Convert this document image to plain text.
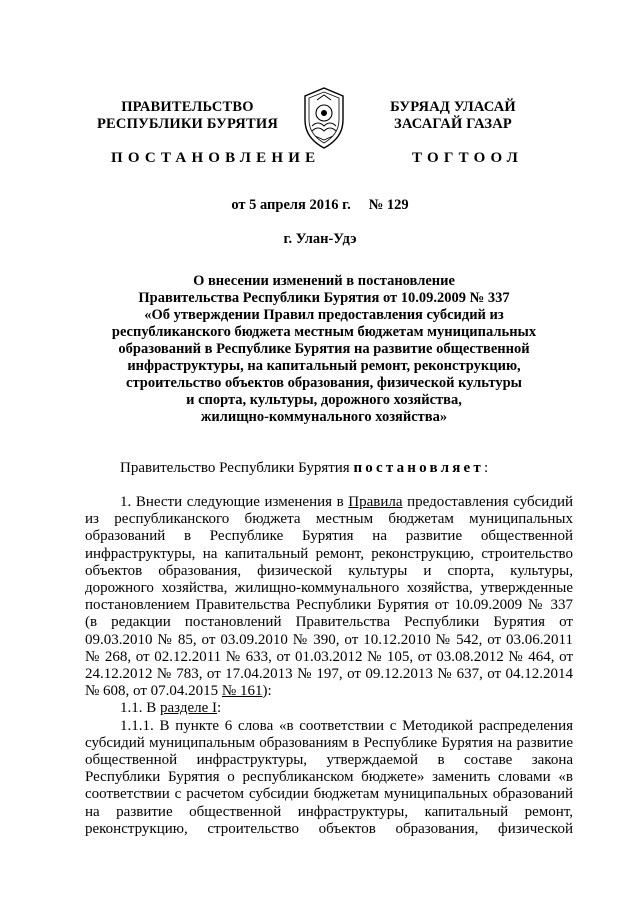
ПРАВИТЕЛЬСТВО
РЕСПУБЛИКИ БУРЯТИЯ
БУРЯАД УЛАСАЙ
ЗАСАГАЙ ГАЗАР
ПОСТАНОВЛЕНИЕ	ТОГТООЛ
от 5 апреля 2016 г. № 129
г. Улан-Удэ
О внесении изменений в постановление
Правительства Республики Бурятия от 10.09.2009 № 337
«Об утверждении Правил предоставления субсидий из
республиканского бюджета местным бюджетам муниципальных
образований в Республике Бурятия на развитие общественной
инфраструктуры, на капитальный ремонт, реконструкцию,
строительство объектов образования, физической культуры
и спорта, культуры, дорожного хозяйства,
жилищно-коммунального хозяйства»
Правительство Республики Бурятия постановляет:

1. Внести следующие изменения в Правила предоставления субсидий

из республиканского бюджета местным бюджетам муниципальных

образований в Республике Бурятия на развитие общественной

инфраструктуры, на капитальный ремонт, реконструкцию, строительство

объектов образования, физической культуры и спорта, культуры,

дорожного хозяйства, жилищно-коммунального хозяйства, утвержденные

постановлением Правительства Республики Бурятия от 10.09.2009 № 337

(в редакции постановлений Правительства Республики Бурятия от

09.03.2010 № 85, от 03.09.2010 № 390, от 10.12.2010 № 542, от 03.06.2011

№ 268, от 02.12.2011 № 633, от 01.03.2012 № 105, от 03.08.2012 № 464, от

24.12.2012 № 783, от 17.04.2013 № 197, от 09.12.2013 № 637, от 04.12.2014

№ 608, от 07.04.2015 № 161):

1.1. В разделе I:

1.1.1. В пункте 6 слова «в соответствии с Методикой распределения

субсидий муниципальным образованиям в Республике Бурятия на развитие

общественной инфраструктуры, утверждаемой в составе закона

Республики Бурятия о республиканском бюджете» заменить словами «в

соответствии с расчетом субсидии бюджетам муниципальных образований

на развитие общественной инфраструктуры, капитальный ремонт,

реконструкцию, строительство объектов образования, физической
